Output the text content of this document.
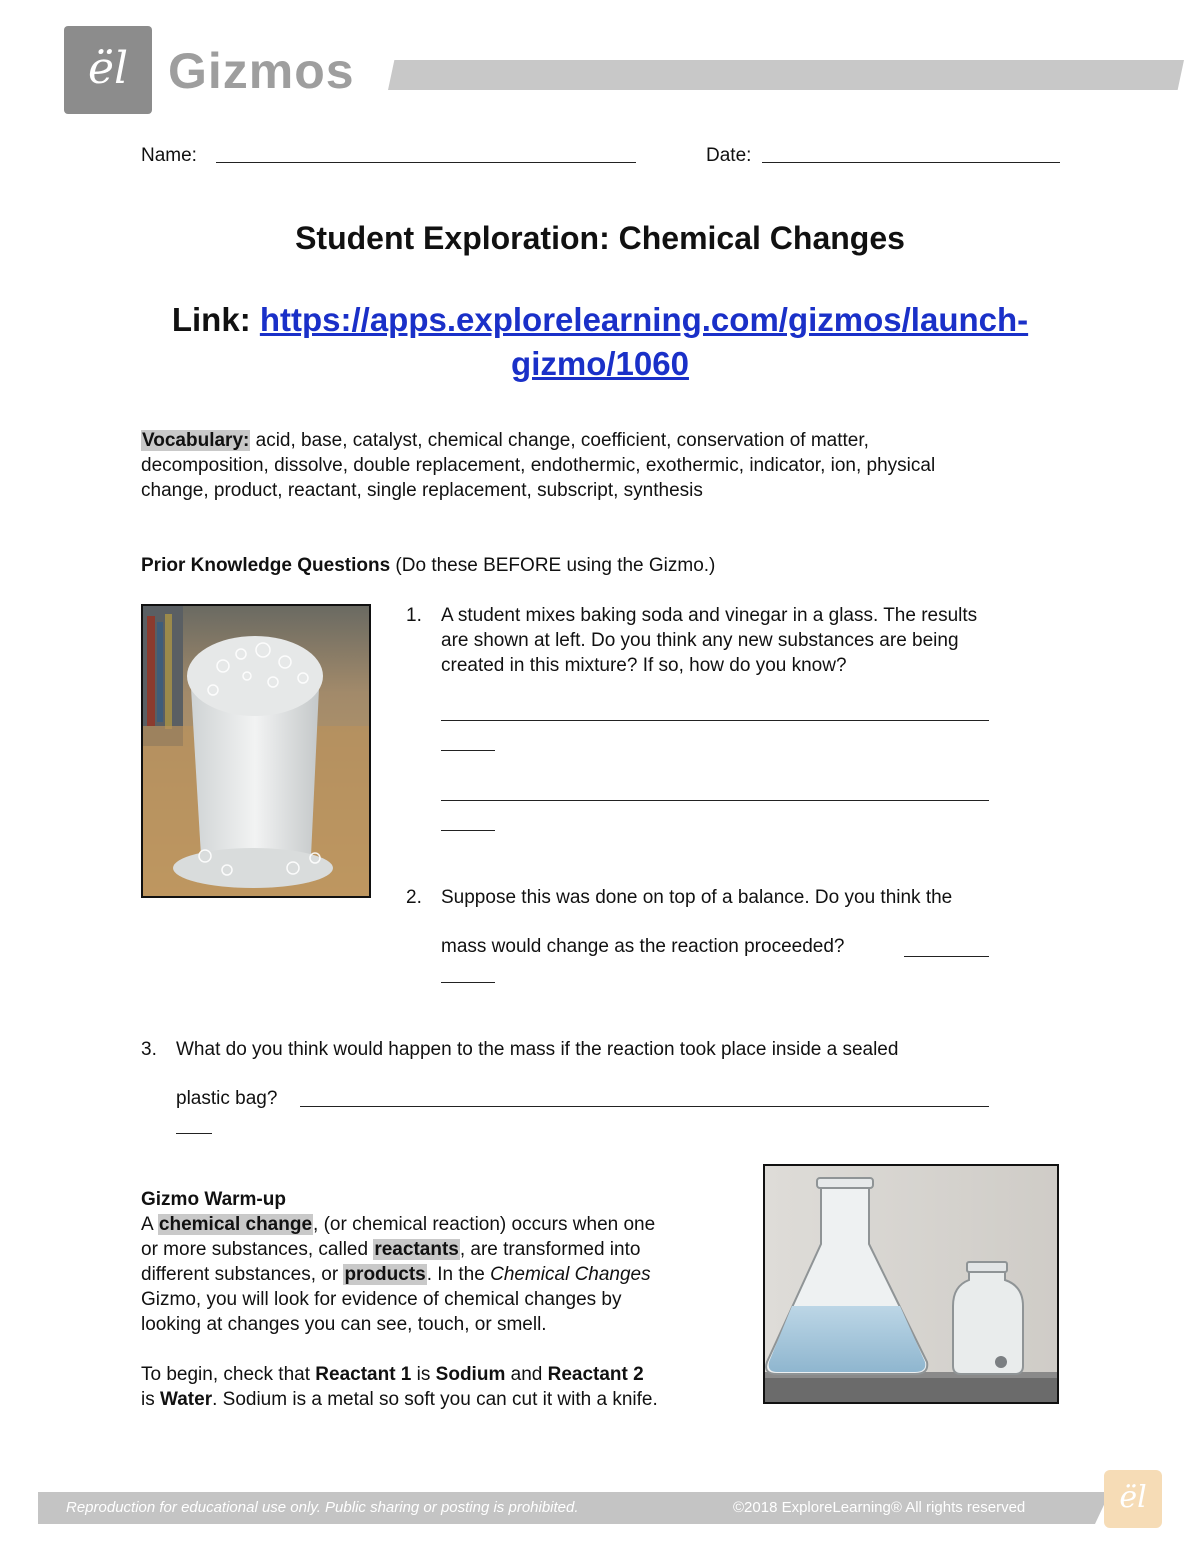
ël Gizmos
Name:	Date:
Student Exploration: Chemical Changes
Link: https://apps.explorelearning.com/gizmos/launch-
gizmo/1060
Vocabulary: acid, base, catalyst, chemical change, coefficient, conservation of matter,
decomposition, dissolve, double replacement, endothermic, exothermic, indicator, ion, physical
change, product, reactant, single replacement, subscript, synthesis
Prior Knowledge Questions (Do these BEFORE using the Gizmo.)
1. A student mixes baking soda and vinegar in a glass. The results
are shown at left. Do you think any new substances are being
created in this mixture? If so, how do you know?
2. Suppose this was done on top of a balance. Do you think the
mass would change as the reaction proceeded?
3. What do you think would happen to the mass if the reaction took place inside a sealed
plastic bag?
Gizmo Warm-up
A chemical change, (or chemical reaction) occurs when one
or more substances, called reactants, are transformed into
different substances, or products. In the Chemical Changes
Gizmo, you will look for evidence of chemical changes by
looking at changes you can see, touch, or smell.
To begin, check that Reactant 1 is Sodium and Reactant 2
is Water. Sodium is a metal so soft you can cut it with a knife.
Reproduction for educational use only. Public sharing or posting is prohibited.	©2018 ExploreLearning® All rights reserved	ël
